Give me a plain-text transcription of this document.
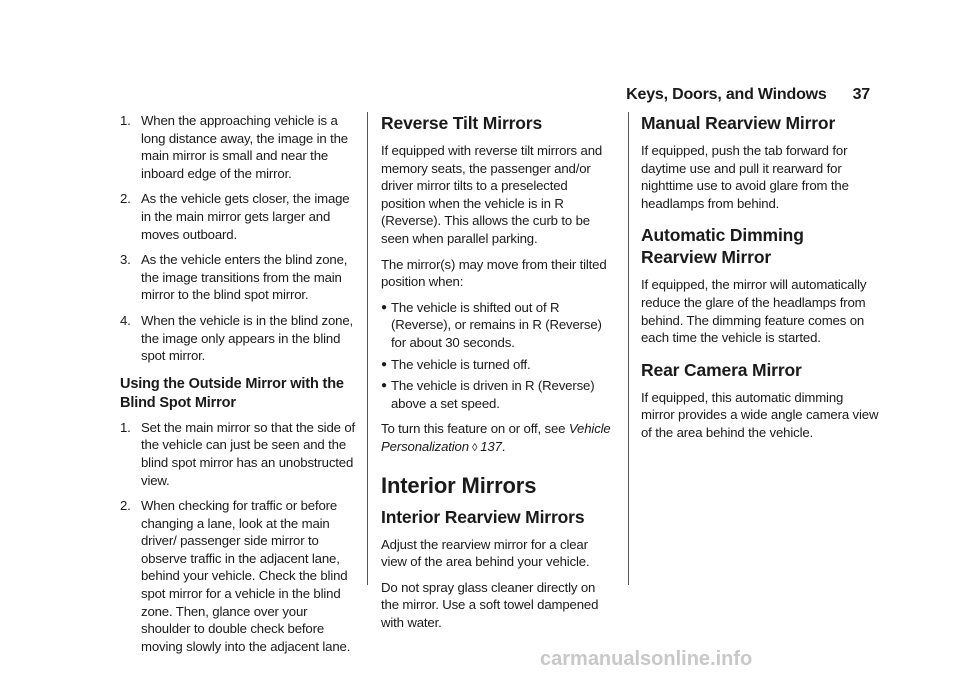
Keys, Doors, and Windows 37
1. When the approaching vehicle is a long distance away, the image in the main mirror is small and near the inboard edge of the mirror.
2. As the vehicle gets closer, the image in the main mirror gets larger and moves outboard.
3. As the vehicle enters the blind zone, the image transitions from the main mirror to the blind spot mirror.
4. When the vehicle is in the blind zone, the image only appears in the blind spot mirror.
Using the Outside Mirror with the Blind Spot Mirror
1. Set the main mirror so that the side of the vehicle can just be seen and the blind spot mirror has an unobstructed view.
2. When checking for traffic or before changing a lane, look at the main driver/ passenger side mirror to observe traffic in the adjacent lane, behind your vehicle. Check the blind spot mirror for a vehicle in the blind zone. Then, glance over your shoulder to double check before moving slowly into the adjacent lane.
Reverse Tilt Mirrors

If equipped with reverse tilt mirrors and memory seats, the passenger and/or driver mirror tilts to a preselected position when the vehicle is in R (Reverse). This allows the curb to be seen when parallel parking.

The mirror(s) may move from their tilted position when:

● The vehicle is shifted out of R (Reverse), or remains in R (Reverse) for about 30 seconds.
● The vehicle is turned off.
● The vehicle is driven in R (Reverse) above a set speed.

To turn this feature on or off, see Vehicle Personalization ◊ 137.

Interior Mirrors
Interior Rearview Mirrors

Adjust the rearview mirror for a clear view of the area behind your vehicle.

Do not spray glass cleaner directly on the mirror. Use a soft towel dampened with water.

Manual Rearview Mirror

If equipped, push the tab forward for daytime use and pull it rearward for nighttime use to avoid glare from the headlamps from behind.

Automatic Dimming Rearview Mirror

If equipped, the mirror will automatically reduce the glare of the headlamps from behind. The dimming feature comes on each time the vehicle is started.

Rear Camera Mirror

If equipped, this automatic dimming mirror provides a wide angle camera view of the area behind the vehicle.

carmanualsonline.info
